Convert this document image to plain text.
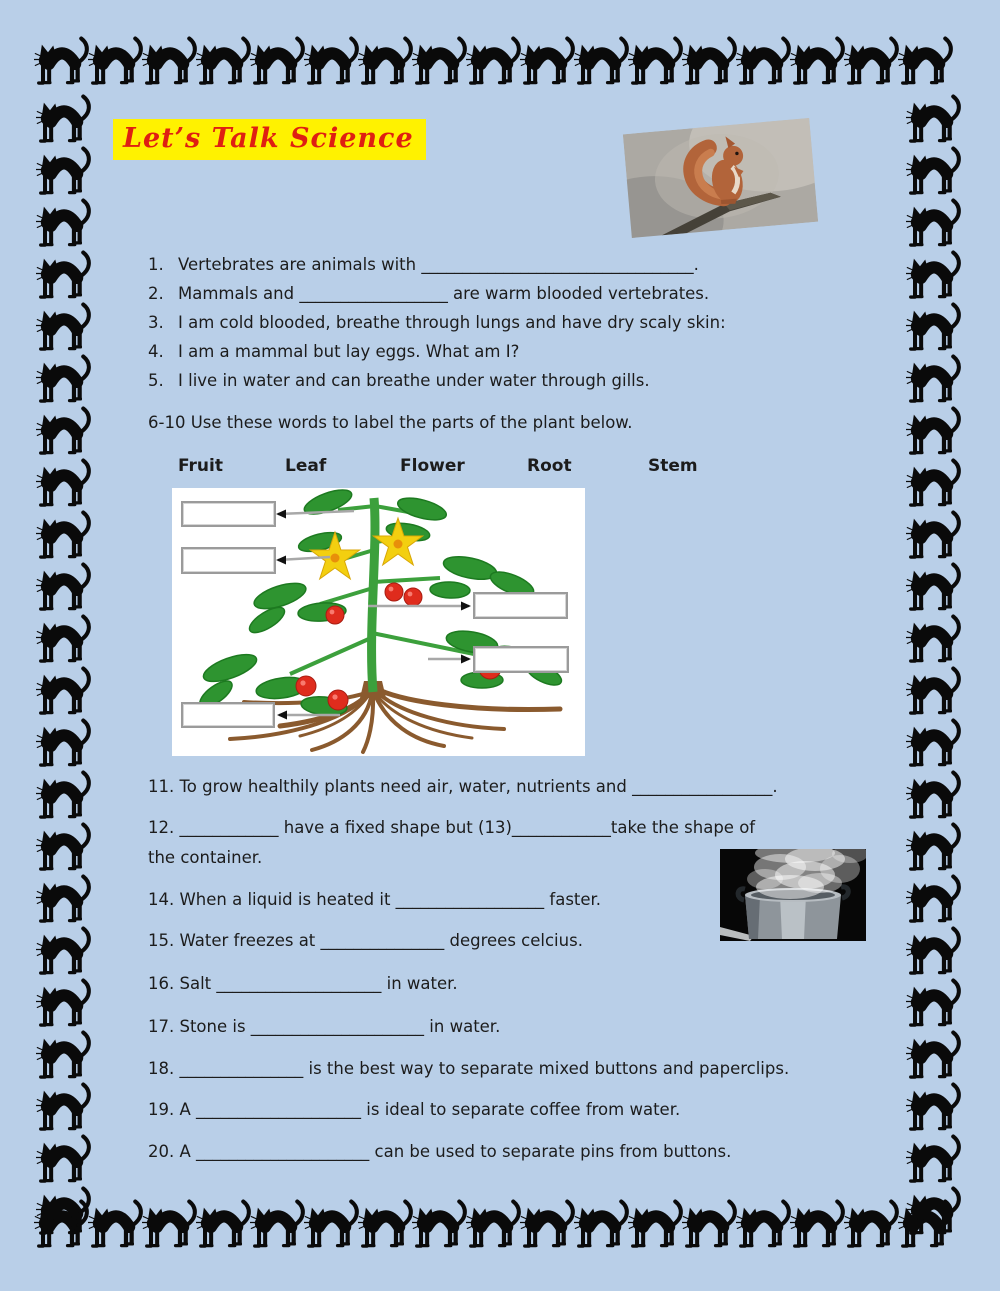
Let’s Talk Science
1. Vertebrates are animals with _________________________________.
2. Mammals and __________________ are warm blooded vertebrates.
3. I am cold blooded, breathe through lungs and have dry scaly skin:
4. I am a mammal but lay eggs. What am I?
5. I live in water and can breathe under water through gills.
6-10 Use these words to label the parts of the plant below.
Fruit	Leaf	Flower	Root	Stem
11. To grow healthily plants need air, water, nutrients and _________________.
12. ____________ have a fixed shape but (13)____________take the shape of
the container.
14. When a liquid is heated it __________________ faster.
15. Water freezes at _______________ degrees celcius.
16. Salt ____________________ in water.
17. Stone is _____________________ in water.
18. _______________ is the best way to separate mixed buttons and paperclips.
19. A ____________________ is ideal to separate coffee from water.
20. A _____________________ can be used to separate pins from buttons.
